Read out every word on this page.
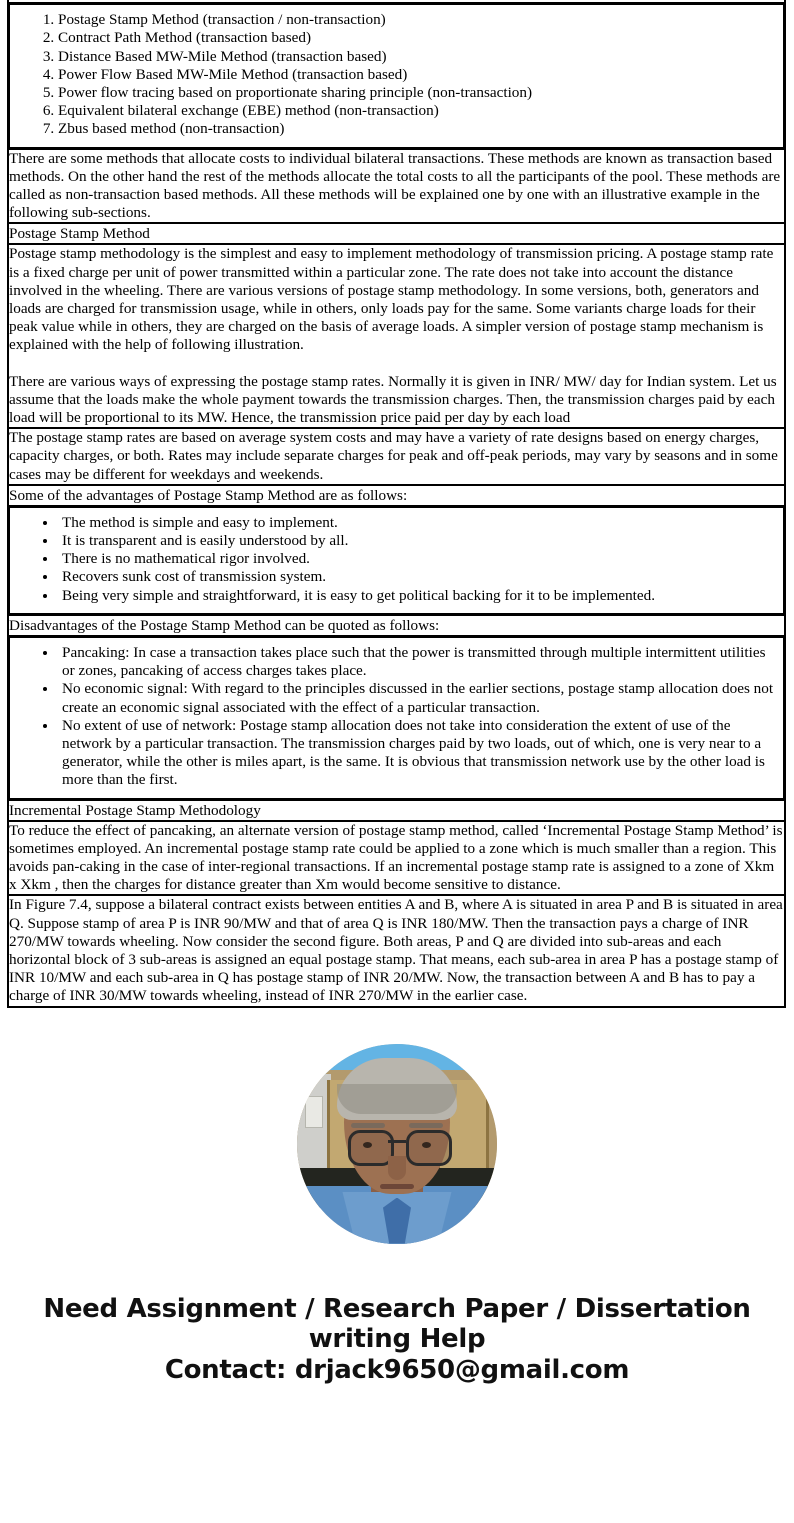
1. Postage Stamp Method (transaction / non-transaction)
2. Contract Path Method (transaction based)
3. Distance Based MW-Mile Method (transaction based)
4. Power Flow Based MW-Mile Method (transaction based)
5. Power flow tracing based on proportionate sharing principle (non-transaction)
6. Equivalent bilateral exchange (EBE) method (non-transaction)
7. Zbus based method (non-transaction)

There are some methods that allocate costs to individual bilateral transactions. These methods are known as transaction based methods. On the other hand the rest of the methods allocate the total costs to all the participants of the pool. These methods are called as non-transaction based methods. All these methods will be explained one by one with an illustrative example in the following sub-sections.

Postage Stamp Method

Postage stamp methodology is the simplest and easy to implement methodology of transmission pricing. A postage stamp rate is a fixed charge per unit of power transmitted within a particular zone. The rate does not take into account the distance involved in the wheeling. There are various versions of postage stamp methodology. In some versions, both, generators and loads are charged for transmission usage, while in others, only loads pay for the same. Some variants charge loads for their peak value while in others, they are charged on the basis of average loads. A simpler version of postage stamp mechanism is explained with the help of following illustration.

There are various ways of expressing the postage stamp rates. Normally it is given in INR/ MW/ day for Indian system. Let us assume that the loads make the whole payment towards the transmission charges. Then, the transmission charges paid by each load will be proportional to its MW. Hence, the transmission price paid per day by each load

The postage stamp rates are based on average system costs and may have a variety of rate designs based on energy charges, capacity charges, or both. Rates may include separate charges for peak and off-peak periods, may vary by seasons and in some cases may be different for weekdays and weekends.

Some of the advantages of Postage Stamp Method are as follows:

• The method is simple and easy to implement.
• It is transparent and is easily understood by all.
• There is no mathematical rigor involved.
• Recovers sunk cost of transmission system.
• Being very simple and straightforward, it is easy to get political backing for it to be implemented.

Disadvantages of the Postage Stamp Method can be quoted as follows:

• Pancaking: In case a transaction takes place such that the power is transmitted through multiple intermittent utilities or zones, pancaking of access charges takes place.
• No economic signal: With regard to the principles discussed in the earlier sections, postage stamp allocation does not create an economic signal associated with the effect of a particular transaction.
• No extent of use of network: Postage stamp allocation does not take into consideration the extent of use of the network by a particular transaction. The transmission charges paid by two loads, out of which, one is very near to a generator, while the other is miles apart, is the same. It is obvious that transmission network use by the other load is more than the first.

Incremental Postage Stamp Methodology

To reduce the effect of pancaking, an alternate version of postage stamp method, called ‘Incremental Postage Stamp Method’ is sometimes employed. An incremental postage stamp rate could be applied to a zone which is much smaller than a region. This avoids pan-caking in the case of inter-regional transactions. If an incremental postage stamp rate is assigned to a zone of Xkm x Xkm , then the charges for distance greater than Xm would become sensitive to distance.

In Figure 7.4, suppose a bilateral contract exists between entities A and B, where A is situated in area P and B is situated in area Q. Suppose stamp of area P is INR 90/MW and that of area Q is INR 180/MW. Then the transaction pays a charge of INR 270/MW towards wheeling. Now consider the second figure. Both areas, P and Q are divided into sub-areas and each horizontal block of 3 sub-areas is assigned an equal postage stamp. That means, each sub-area in area P has a postage stamp of INR 10/MW and each sub-area in Q has postage stamp of INR 20/MW. Now, the transaction between A and B has to pay a charge of INR 30/MW towards wheeling, instead of INR 270/MW in the earlier case.

Need Assignment / Research Paper / Dissertation
writing Help
Contact: drjack9650@gmail.com
